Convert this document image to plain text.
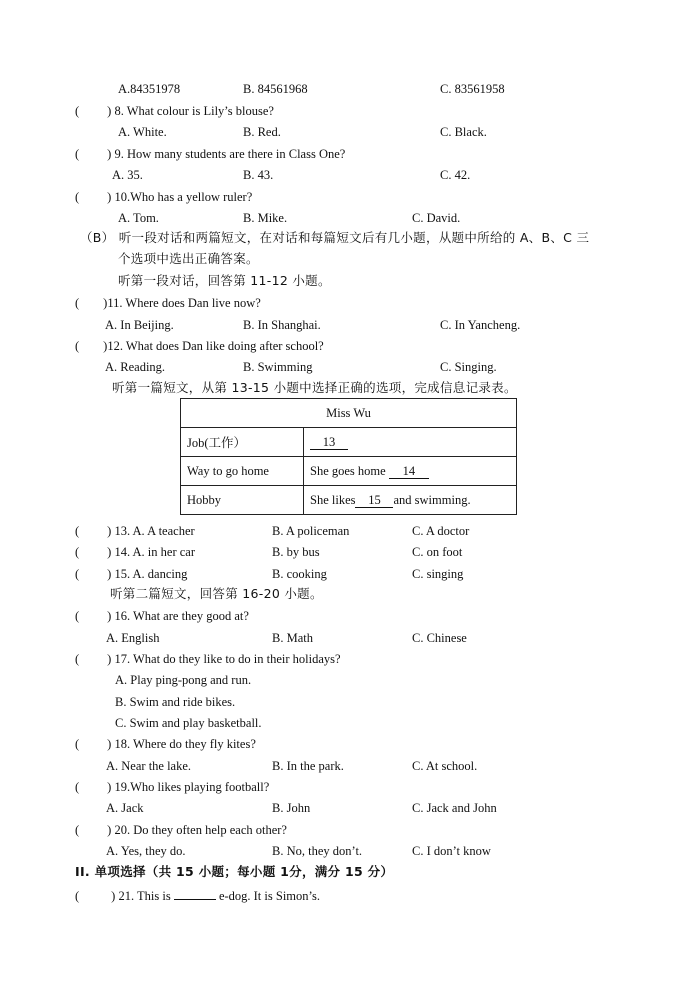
A.84351978	B. 84561968	C. 83561958
( ) 8. What colour is Lily’s blouse?
A. White.	B. Red.	C. Black.
( ) 9. How many students are there in Class One?
A. 35.	B. 43.	C. 42.
( ) 10.Who has a yellow ruler?
A. Tom.	B. Mike.	C. David.
（B） 听一段对话和两篇短文，在对话和每篇短文后有几小题，从题中所给的 A、B、C 三
个选项中选出正确答案。
听第一段对话，回答第 11-12 小题。
( )11. Where does Dan live now?
A. In Beijing.	B. In Shanghai.	C. In Yancheng.
( )12. What does Dan like doing after school?
A. Reading.	B. Swimming	C. Singing.
听第一篇短文，从第 13-15 小题中选择正确的选项，完成信息记录表。
Miss Wu	
Job(工作）	13
Way to go home	She goes home 14
Hobby	She likes 15 and swimming.
( ) 13. A. A teacher	B. A policeman	C. A doctor
( ) 14. A. in her car	B. by bus	C. on foot
( ) 15. A. dancing	B. cooking	C. singing
听第二篇短文，回答第 16-20 小题。
( ) 16. What are they good at?
A. English	B. Math	C. Chinese
( ) 17. What do they like to do in their holidays?
A. Play ping-pong and run.
B. Swim and ride bikes.
C. Swim and play basketball.
( ) 18. Where do they fly kites?
A. Near the lake.	B. In the park.	C. At school.
( ) 19.Who likes playing football?
A. Jack	B. John	C. Jack and John
( ) 20. Do they often help each other?
A. Yes, they do.	B. No, they don’t.	C. I don’t know
II. 单项选择（共 15 小题；每小题 1分，满分 15 分）
(	) 21. This is	e-dog. It is Simon’s.
